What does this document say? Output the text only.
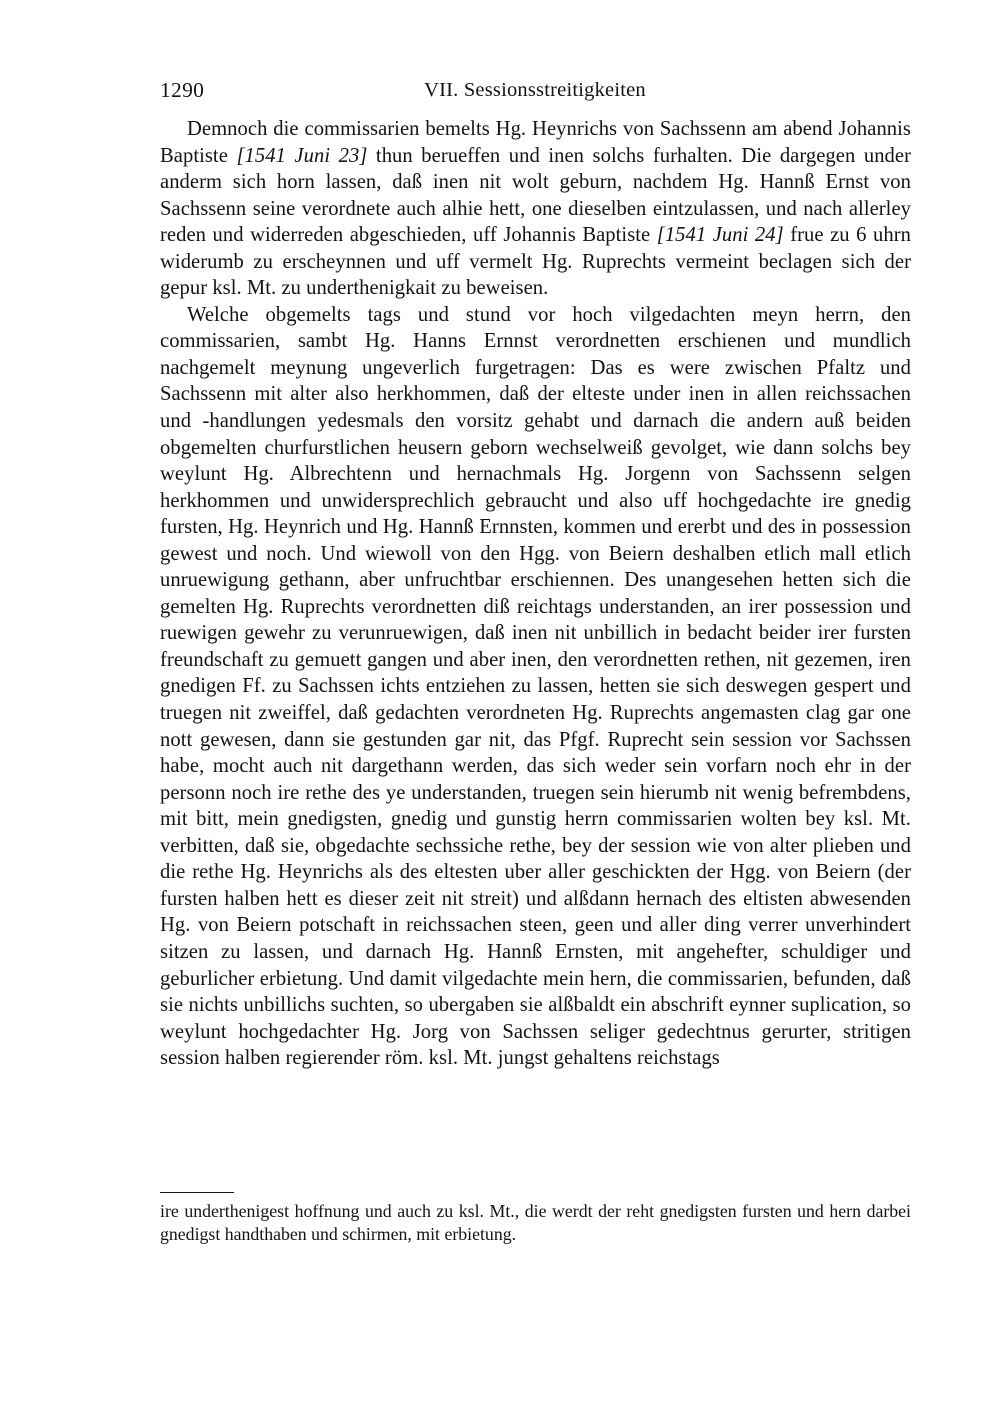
1290	VII. Sessionsstreitigkeiten

Demnoch die commissarien bemelts Hg. Heynrichs von Sachssenn am abend Johannis Baptiste [1541 Juni 23] thun berueffen und inen solchs furhalten. Die dargegen under anderm sich horn lassen, daß inen nit wolt geburn, nachdem Hg. Hannß Ernst von Sachssenn seine verordnete auch alhie hett, one dieselben eintzulassen, und nach allerley reden und widerreden abgeschieden, uff Johannis Baptiste [1541 Juni 24] frue zu 6 uhrn widerumb zu erscheynnen und uff vermelt Hg. Ruprechts vermeint beclagen sich der gepur ksl. Mt. zu underthenigkait zu beweisen.

Welche obgemelts tags und stund vor hoch vilgedachten meyn herrn, den commissarien, sambt Hg. Hanns Ernnst verordnetten erschienen und mundlich nachgemelt meynung ungeverlich furgetragen: Das es were zwischen Pfaltz und Sachssenn mit alter also herkhommen, daß der elteste under inen in allen reichssachen und -handlungen yedesmals den vorsitz gehabt und darnach die andern auß beiden obgemelten churfurstlichen heusern geborn wechselweiß gevolget, wie dann solchs bey weylunt Hg. Albrechtenn und hernachmals Hg. Jorgenn von Sachssenn selgen herkhommen und unwidersprechlich gebraucht und also uff hochgedachte ire gnedig fursten, Hg. Heynrich und Hg. Hannß Ernnsten, kommen und ererbt und des in possession gewest und noch. Und wiewoll von den Hgg. von Beiern deshalben etlich mall etlich unruewigung gethann, aber unfruchtbar erschiennen. Des unangesehen hetten sich die gemelten Hg. Ruprechts verordnetten diß reichtags understanden, an irer possession und ruewigen gewehr zu verunruewigen, daß inen nit unbillich in bedacht beider irer fursten freundschaft zu gemuett gangen und aber inen, den verordnetten rethen, nit gezemen, iren gnedigen Ff. zu Sachssen ichts entziehen zu lassen, hetten sie sich deswegen gespert und truegen nit zweiffel, daß gedachten verordneten Hg. Ruprechts angemasten clag gar one nott gewesen, dann sie gestunden gar nit, das Pfgf. Ruprecht sein session vor Sachssen habe, mocht auch nit dargethann werden, das sich weder sein vorfarn noch ehr in der personn noch ire rethe des ye understanden, truegen sein hierumb nit wenig befrembdens, mit bitt, mein gnedigsten, gnedig und gunstig herrn commissarien wolten bey ksl. Mt. verbitten, daß sie, obgedachte sechssiche rethe, bey der session wie von alter plieben und die rethe Hg. Heynrichs als des eltesten uber aller geschickten der Hgg. von Beiern (der fursten halben hett es dieser zeit nit streit) und alßdann hernach des eltisten abwesenden Hg. von Beiern potschaft in reichssachen steen, geen und aller ding verrer unverhindert sitzen zu lassen, und darnach Hg. Hannß Ernsten, mit angehefter, schuldiger und geburlicher erbietung. Und damit vilgedachte mein hern, die commissarien, befunden, daß sie nichts unbillichs suchten, so ubergaben sie alßbaldt ein abschrift eynner suplication, so weylunt hochgedachter Hg. Jorg von Sachssen seliger gedechtnus gerurter, stritigen session halben regierender röm. ksl. Mt. jungst gehaltens reichstags

ire underthenigest hoffnung und auch zu ksl. Mt., die werdt der reht gnedigsten fursten und hern darbei gnedigst handthaben und schirmen, mit erbietung.
